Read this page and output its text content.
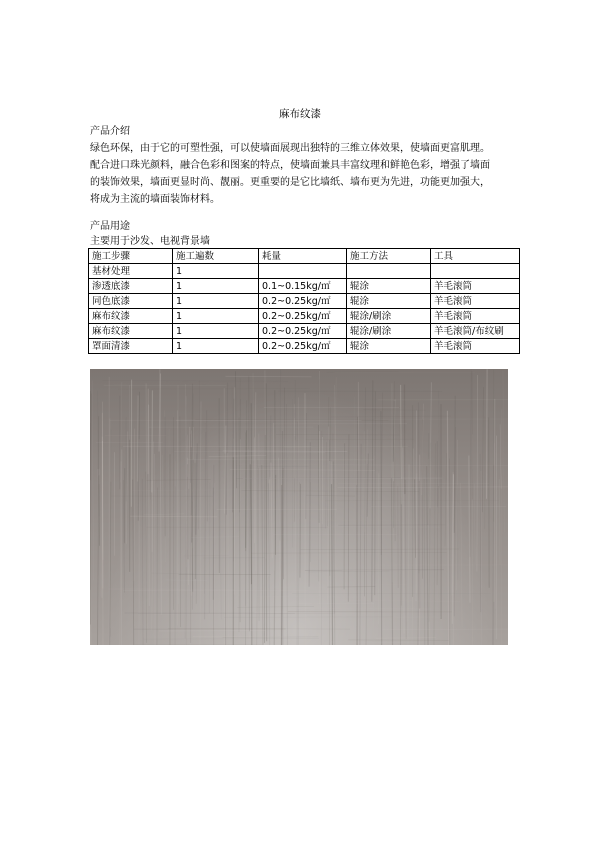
麻布纹漆
产品介绍

绿色环保，由于它的可塑性强，可以使墙面展现出独特的三维立体效果，使墙面更富肌理。

配合进口珠光颜料，融合色彩和图案的特点，使墙面兼具丰富纹理和鲜艳色彩，增强了墙面

的装饰效果，墙面更显时尚、靓丽。更重要的是它比墙纸、墙布更为先进，功能更加强大，

将成为主流的墙面装饰材料。

产品用途
主要用于沙发、电视背景墙
施工步骤	施工遍数	耗量	施工方法	工具
基材处理	1			
渗透底漆	1	0.1~0.15kg/㎡	辊涂	羊毛滚筒
同色底漆	1	0.2~0.25kg/㎡	辊涂	羊毛滚筒
麻布纹漆	1	0.2~0.25kg/㎡	辊涂/刷涂	羊毛滚筒
麻布纹漆	1	0.2~0.25kg/㎡	辊涂/刷涂	羊毛滚筒/布纹刷
罩面清漆	1	0.2~0.25kg/㎡	辊涂	羊毛滚筒
